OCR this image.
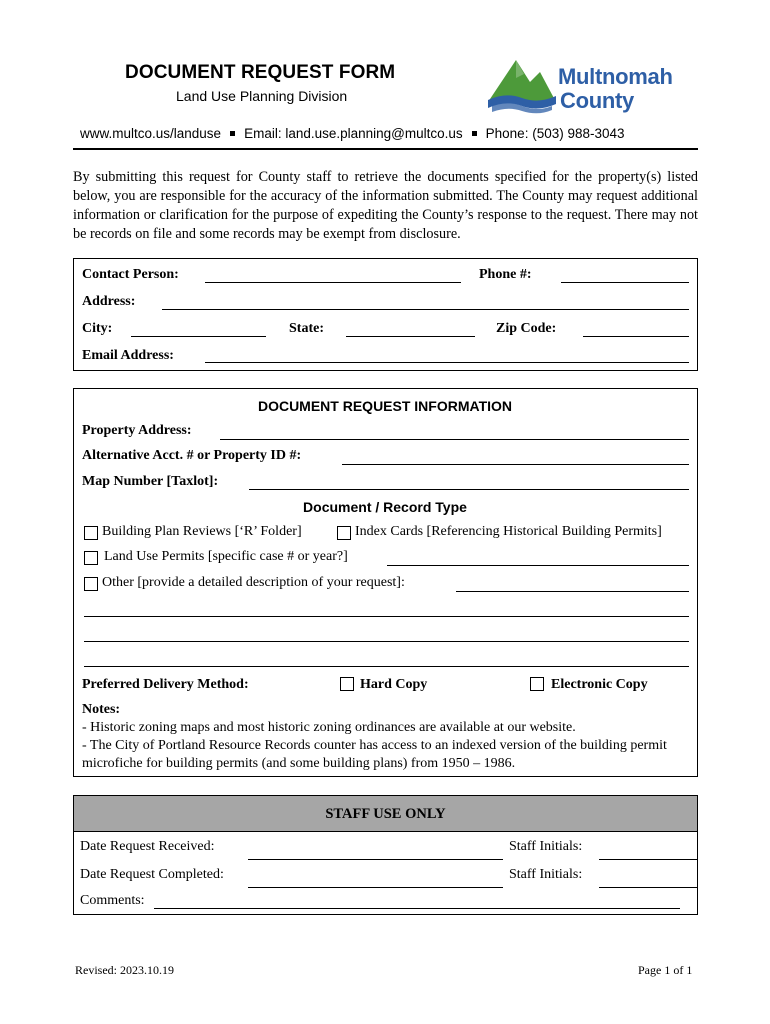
DOCUMENT REQUEST FORM
Land Use Planning Division
Multnomah
County
www.multco.us/landuse Email: land.use.planning@multco.us Phone: (503) 988-3043
By submitting this request for County staff to retrieve the documents specified for the property(s) listed below, you are responsible for the accuracy of the information submitted. The County may request additional information or clarification for the purpose of expediting the County’s response to the request. There may not be records on file and some records may be exempt from disclosure.
Contact Person:	Phone #:
Address:
City:	State:	Zip Code:
Email Address:
DOCUMENT REQUEST INFORMATION
Property Address:
Alternative Acct. # or Property ID #:
Map Number [Taxlot]:
Document / Record Type
Building Plan Reviews [‘R’ Folder]	Index Cards [Referencing Historical Building Permits]
Land Use Permits [specific case # or year?]
Other [provide a detailed description of your request]:
Preferred Delivery Method:	Hard Copy	Electronic Copy
Notes:
- Historic zoning maps and most historic zoning ordinances are available at our website.
- The City of Portland Resource Records counter has access to an indexed version of the building permit microfiche for building permits (and some building plans) from 1950 – 1986.
STAFF USE ONLY
Date Request Received:	Staff Initials:
Date Request Completed:	Staff Initials:
Comments:
Revised: 2023.10.19	Page 1 of 1
